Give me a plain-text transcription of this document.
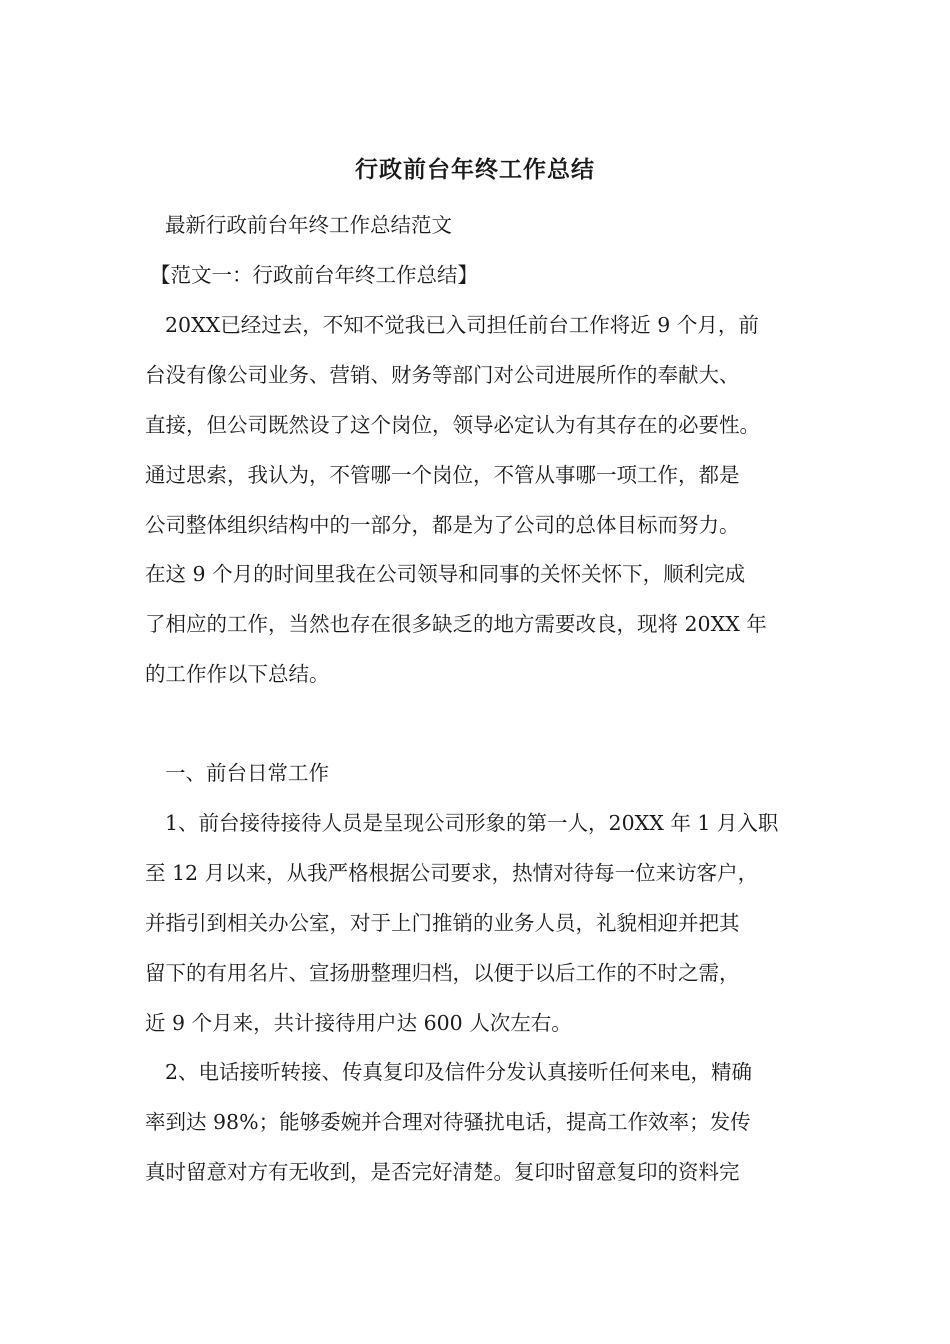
行政前台年终工作总结
最新行政前台年终工作总结范文
【范文一：行政前台年终工作总结】
20XX已经过去，不知不觉我已入司担任前台工作将近 9 个月，前
台没有像公司业务、营销、财务等部门对公司进展所作的奉献大、
直接，但公司既然设了这个岗位，领导必定认为有其存在的必要性。
通过思索，我认为，不管哪一个岗位，不管从事哪一项工作，都是
公司整体组织结构中的一部分，都是为了公司的总体目标而努力。
在这 9 个月的时间里我在公司领导和同事的关怀关怀下，顺利完成
了相应的工作，当然也存在很多缺乏的地方需要改良，现将 20XX 年
的工作作以下总结。
一、前台日常工作
1、前台接待接待人员是呈现公司形象的第一人，20XX 年 1 月入职
至 12 月以来，从我严格根据公司要求，热情对待每一位来访客户，
并指引到相关办公室，对于上门推销的业务人员，礼貌相迎并把其
留下的有用名片、宣扬册整理归档，以便于以后工作的不时之需，
近 9 个月来，共计接待用户达 600 人次左右。
2、电话接听转接、传真复印及信件分发认真接听任何来电，精确
率到达 98%；能够委婉并合理对待骚扰电话，提高工作效率；发传
真时留意对方有无收到，是否完好清楚。复印时留意复印的资料完
